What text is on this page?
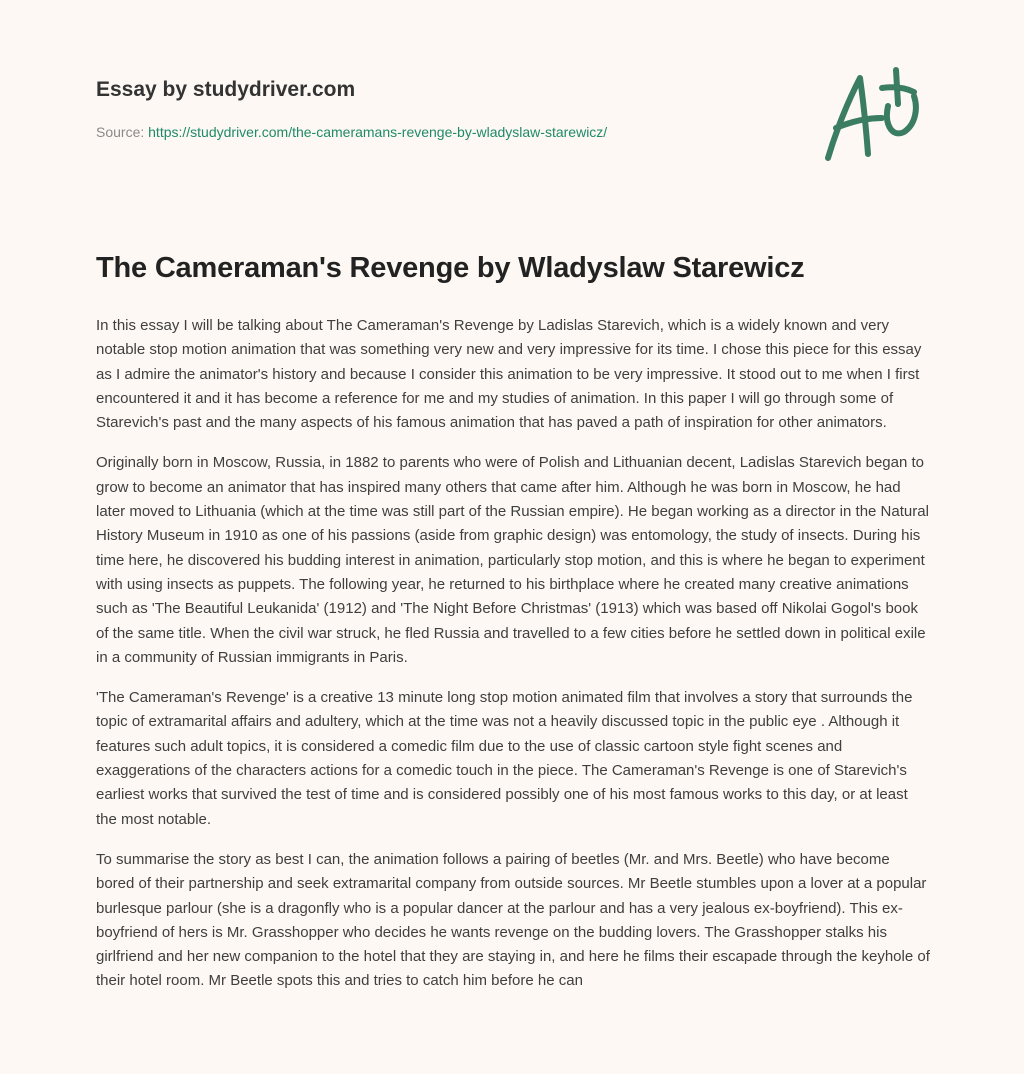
Essay by studydriver.com
Source: https://studydriver.com/the-cameramans-revenge-by-wladyslaw-starewicz/
The Cameraman's Revenge by Wladyslaw Starewicz

In this essay I will be talking about The Cameraman's Revenge by Ladislas Starevich, which is a widely known and very notable stop motion animation that was something very new and very impressive for its time. I chose this piece for this essay as I admire the animator's history and because I consider this animation to be very impressive. It stood out to me when I first encountered it and it has become a reference for me and my studies of animation. In this paper I will go through some of Starevich's past and the many aspects of his famous animation that has paved a path of inspiration for other animators.

Originally born in Moscow, Russia, in 1882 to parents who were of Polish and Lithuanian decent, Ladislas Starevich began to grow to become an animator that has inspired many others that came after him. Although he was born in Moscow, he had later moved to Lithuania (which at the time was still part of the Russian empire). He began working as a director in the Natural History Museum in 1910 as one of his passions (aside from graphic design) was entomology, the study of insects. During his time here, he discovered his budding interest in animation, particularly stop motion, and this is where he began to experiment with using insects as puppets. The following year, he returned to his birthplace where he created many creative animations such as 'The Beautiful Leukanida' (1912) and 'The Night Before Christmas' (1913) which was based off Nikolai Gogol's book of the same title. When the civil war struck, he fled Russia and travelled to a few cities before he settled down in political exile in a community of Russian immigrants in Paris.

'The Cameraman's Revenge' is a creative 13 minute long stop motion animated film that involves a story that surrounds the topic of extramarital affairs and adultery, which at the time was not a heavily discussed topic in the public eye . Although it features such adult topics, it is considered a comedic film due to the use of classic cartoon style fight scenes and exaggerations of the characters actions for a comedic touch in the piece. The Cameraman's Revenge is one of Starevich's earliest works that survived the test of time and is considered possibly one of his most famous works to this day, or at least the most notable.

To summarise the story as best I can, the animation follows a pairing of beetles (Mr. and Mrs. Beetle) who have become bored of their partnership and seek extramarital company from outside sources. Mr Beetle stumbles upon a lover at a popular burlesque parlour (she is a dragonfly who is a popular dancer at the parlour and has a very jealous ex-boyfriend). This ex-boyfriend of hers is Mr. Grasshopper who decides he wants revenge on the budding lovers. The Grasshopper stalks his girlfriend and her new companion to the hotel that they are staying in, and here he films their escapade through the keyhole of their hotel room. Mr Beetle spots this and tries to catch him before he can
